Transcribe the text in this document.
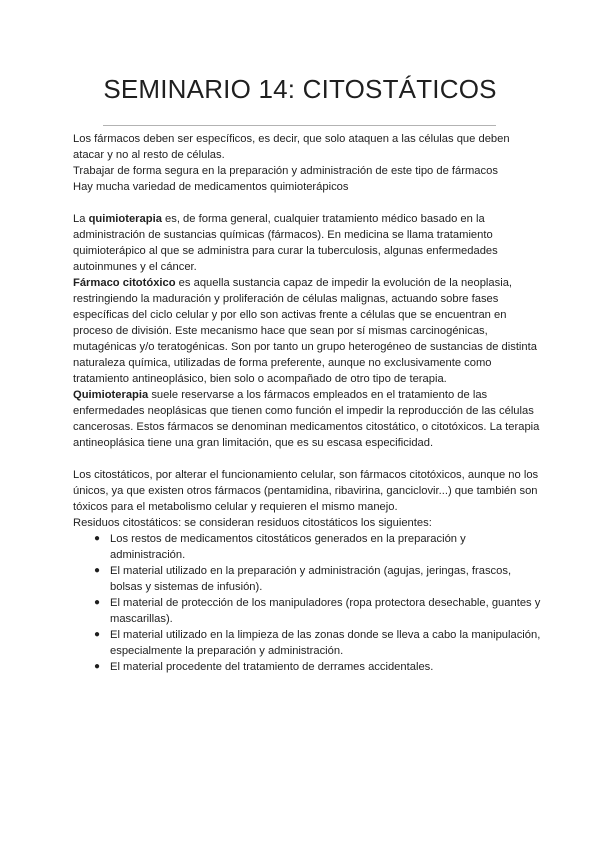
SEMINARIO 14: CITOSTÁTICOS

Los fármacos deben ser específicos, es decir, que solo ataquen a las células que deben atacar y no al resto de células.

Trabajar de forma segura en la preparación y administración de este tipo de fármacos

Hay mucha variedad de medicamentos quimioterápicos

La quimioterapia es, de forma general, cualquier tratamiento médico basado en la administración de sustancias químicas (fármacos). En medicina se llama tratamiento quimioterápico al que se administra para curar la tuberculosis, algunas enfermedades autoinmunes y el cáncer.

Fármaco citotóxico es aquella sustancia capaz de impedir la evolución de la neoplasia, restringiendo la maduración y proliferación de células malignas, actuando sobre fases específicas del ciclo celular y por ello son activas frente a células que se encuentran en proceso de división. Este mecanismo hace que sean por sí mismas carcinogénicas, mutagénicas y/o teratogénicas. Son por tanto un grupo heterogéneo de sustancias de distinta naturaleza química, utilizadas de forma preferente, aunque no exclusivamente como tratamiento antineoplásico, bien solo o acompañado de otro tipo de terapia.

Quimioterapia suele reservarse a los fármacos empleados en el tratamiento de las enfermedades neoplásicas que tienen como función el impedir la reproducción de las células cancerosas. Estos fármacos se denominan medicamentos citostático, o citotóxicos. La terapia antineoplásica tiene una gran limitación, que es su escasa especificidad.

Los citostáticos, por alterar el funcionamiento celular, son fármacos citotóxicos, aunque no los únicos, ya que existen otros fármacos (pentamidina, ribavirina, ganciclovir...) que también son tóxicos para el metabolismo celular y requieren el mismo manejo.

Residuos citostáticos: se consideran residuos citostáticos los siguientes:

● Los restos de medicamentos citostáticos generados en la preparación y administración.
● El material utilizado en la preparación y administración (agujas, jeringas, frascos, bolsas y sistemas de infusión).
● El material de protección de los manipuladores (ropa protectora desechable, guantes y mascarillas).
● El material utilizado en la limpieza de las zonas donde se lleva a cabo la manipulación, especialmente la preparación y administración.
● El material procedente del tratamiento de derrames accidentales.
